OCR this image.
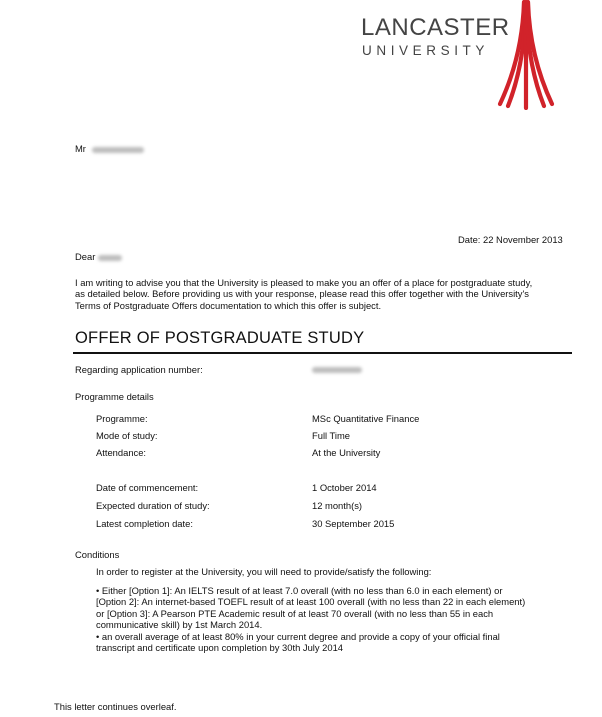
LANCASTER
UNIVERSITY
Mr
Date: 22 November 2013
Dear
I am writing to advise you that the University is pleased to make you an offer of a place for postgraduate study,
as detailed below. Before providing us with your response, please read this offer together with the University's
Terms of Postgraduate Offers documentation to which this offer is subject.
OFFER OF POSTGRADUATE STUDY
Regarding application number:
Programme details
Programme:	MSc Quantitative Finance
Mode of study:	Full Time
Attendance:	At the University
Date of commencement:	1 October 2014
Expected duration of study:	12 month(s)
Latest completion date:	30 September 2015
Conditions
In order to register at the University, you will need to provide/satisfy the following:
• Either [Option 1]: An IELTS result of at least 7.0 overall (with no less than 6.0 in each element) or
[Option 2]: An internet-based TOEFL result of at least 100 overall (with no less than 22 in each element)
or [Option 3]: A Pearson PTE Academic result of at least 70 overall (with no less than 55 in each
communicative skill) by 1st March 2014.
• an overall average of at least 80% in your current degree and provide a copy of your official final
transcript and certificate upon completion by 30th July 2014
This letter continues overleaf.
